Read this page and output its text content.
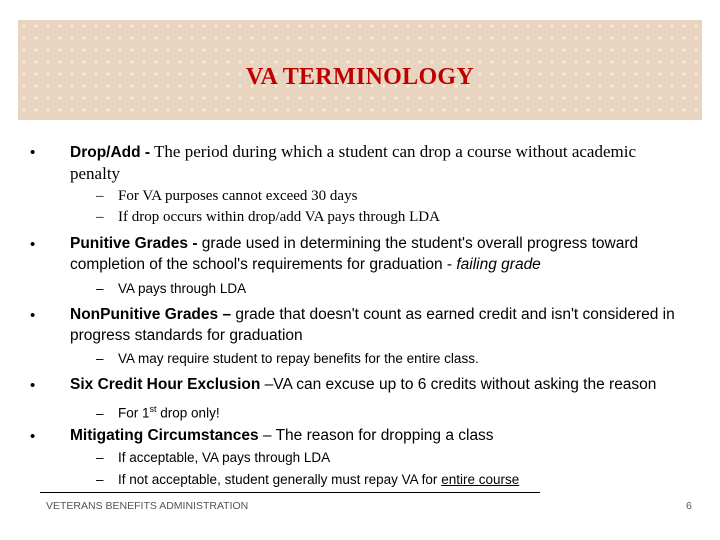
VA TERMINOLOGY
• Drop/Add - The period during which a student can drop a course without academic penalty
– For VA purposes cannot exceed 30 days
– If drop occurs within drop/add VA pays through LDA
• Punitive Grades - grade used in determining the student's overall progress toward completion of the school's requirements for graduation - failing grade
– VA pays through LDA
• NonPunitive Grades – grade that doesn't count as earned credit and isn't considered in progress standards for graduation
– VA may require student to repay benefits for the entire class.
• Six Credit Hour Exclusion –VA can excuse up to 6 credits without asking the reason
– For 1st drop only!
• Mitigating Circumstances – The reason for dropping a class
– If acceptable, VA pays through LDA
– If not acceptable, student generally must repay VA for entire course
VETERANS BENEFITS ADMINISTRATION	6
